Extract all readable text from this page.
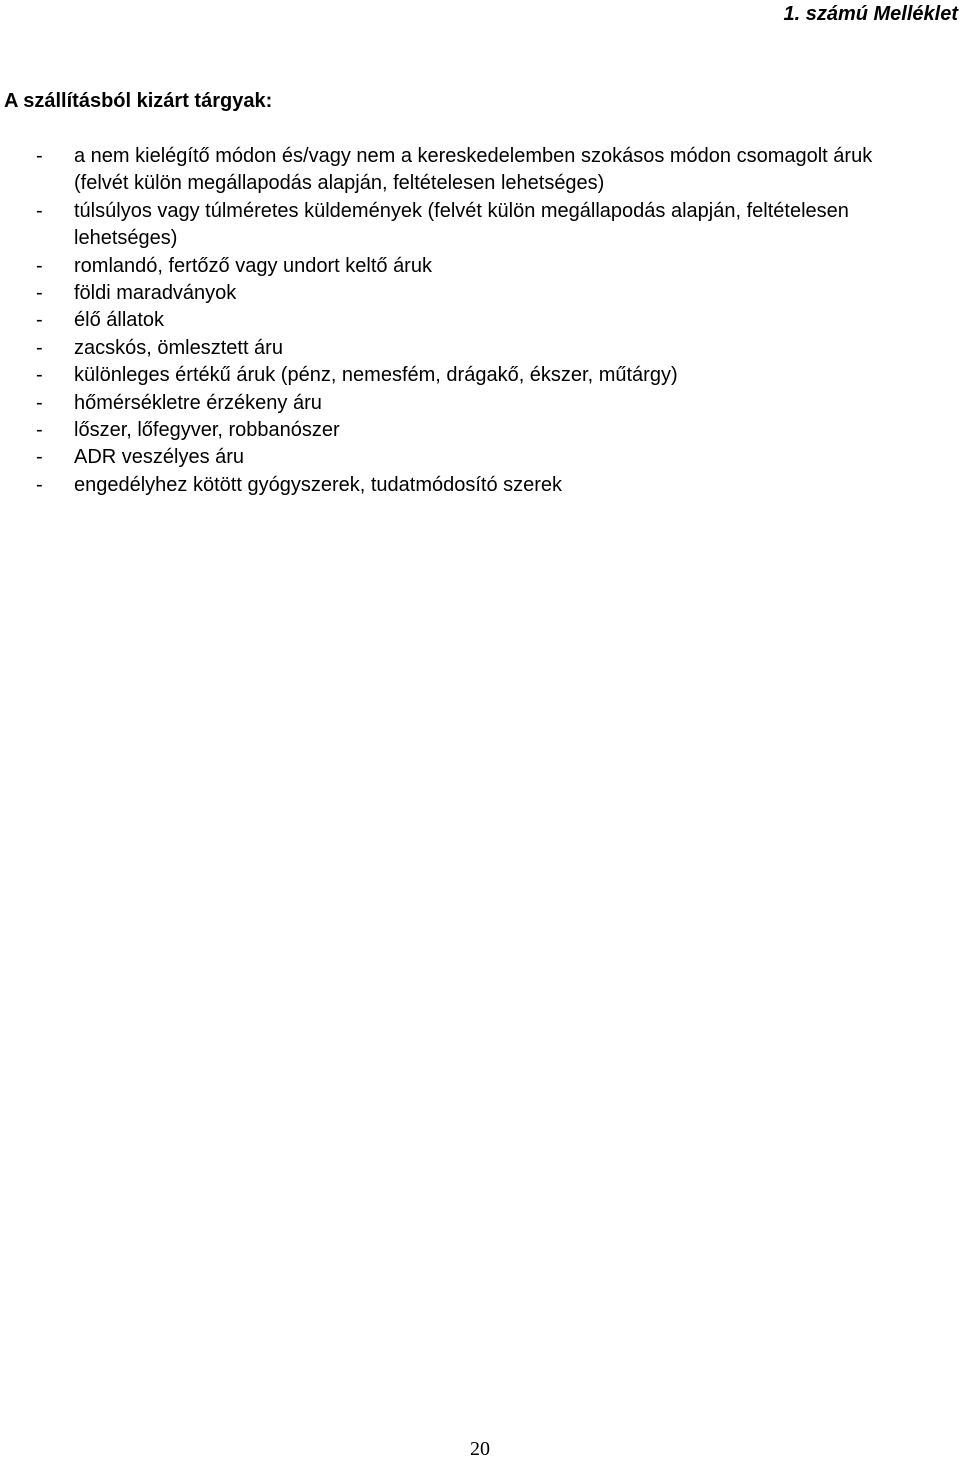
1. számú Melléklet
A szállításból kizárt tárgyak:
- a nem kielégítő módon és/vagy nem a kereskedelemben szokásos módon csomagolt áruk (felvét külön megállapodás alapján, feltételesen lehetséges)
- túlsúlyos vagy túlméretes küldemények (felvét külön megállapodás alapján, feltételesen lehetséges)
- romlandó, fertőző vagy undort keltő áruk
- földi maradványok
- élő állatok
- zacskós, ömlesztett áru
- különleges értékű áruk (pénz, nemesfém, drágakő, ékszer, műtárgy)
- hőmérsékletre érzékeny áru
- lőszer, lőfegyver, robbanószer
- ADR veszélyes áru
- engedélyhez kötött gyógyszerek, tudatmódosító szerek
20
